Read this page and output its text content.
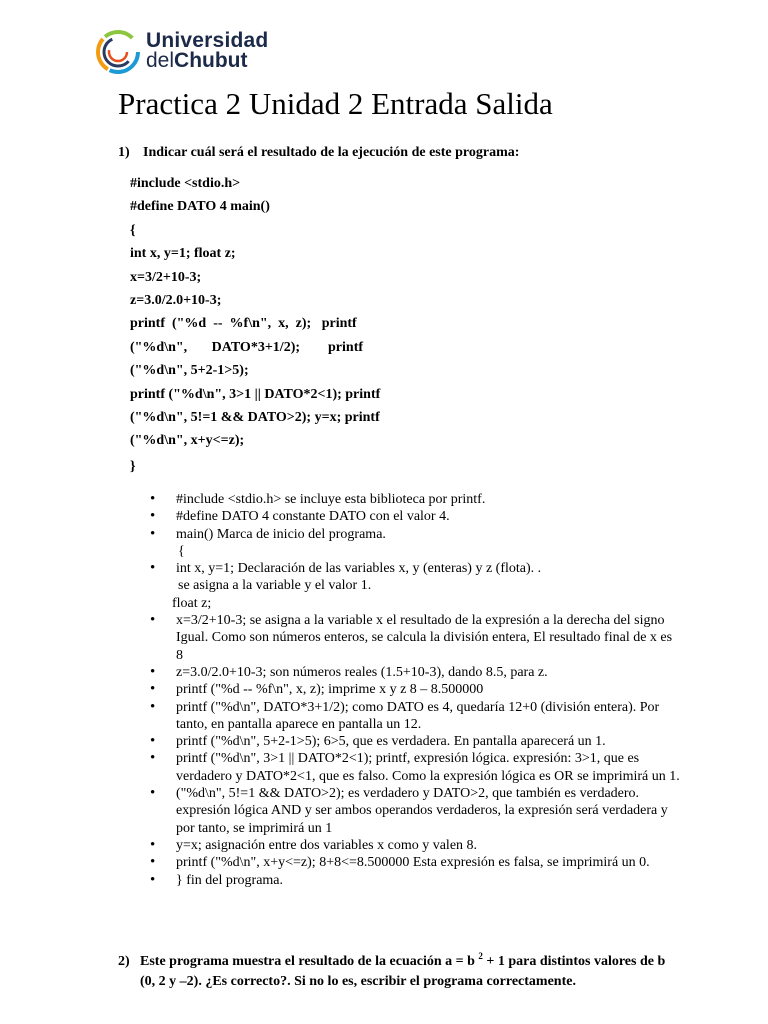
Universidad
delChubut
Practica 2 Unidad 2 Entrada Salida
1) Indicar cuál será el resultado de la ejecución de este programa:
#include <stdio.h>
#define DATO 4 main()
{
int x, y=1; float z;
x=3/2+10-3;
z=3.0/2.0+10-3;
printf  ("%d  --  %f\n",  x,  z);   printf
("%d\n",       DATO*3+1/2);        printf
("%d\n", 5+2-1>5);
printf ("%d\n", 3>1 || DATO*2<1); printf
("%d\n", 5!=1 && DATO>2); y=x; printf
("%d\n", x+y<=z);
}
• #include <stdio.h> se incluye esta biblioteca por printf.
• #define DATO 4 constante DATO con el valor 4.
• main() Marca de inicio del programa.
{
• int x, y=1; Declaración de las variables x, y (enteras) y z (flota). .
se asigna a la variable y el valor 1.
float z;
• x=3/2+10-3; se asigna a la variable x el resultado de la expresión a la derecha del signo Igual. Como son números enteros, se calcula la división entera, El resultado final de x es 8
• z=3.0/2.0+10-3; son números reales (1.5+10-3), dando 8.5, para z.
• printf ("%d -- %f\n", x, z); imprime x y z 8 – 8.500000
• printf ("%d\n", DATO*3+1/2); como DATO es 4, quedaría 12+0 (división entera). Por tanto, en pantalla aparece en pantalla un 12.
• printf ("%d\n", 5+2-1>5); 6>5, que es verdadera. En pantalla aparecerá un 1.
• printf ("%d\n", 3>1 || DATO*2<1); printf, expresión lógica. expresión: 3>1, que es verdadero y DATO*2<1, que es falso. Como la expresión lógica es OR se imprimirá un 1.
• ("%d\n", 5!=1 && DATO>2); es verdadero y DATO>2, que también es verdadero. expresión lógica AND y ser ambos operandos verdaderos, la expresión será verdadera y por tanto, se imprimirá un 1
• y=x; asignación entre dos variables x como y valen 8.
• printf ("%d\n", x+y<=z); 8+8<=8.500000 Esta expresión es falsa, se imprimirá un 0.
• } fin del programa.
2) Este programa muestra el resultado de la ecuación a = b $^2$ + 1 para distintos valores de b (0, 2 y –2). ¿Es correcto?. Si no lo es, escribir el programa correctamente.
